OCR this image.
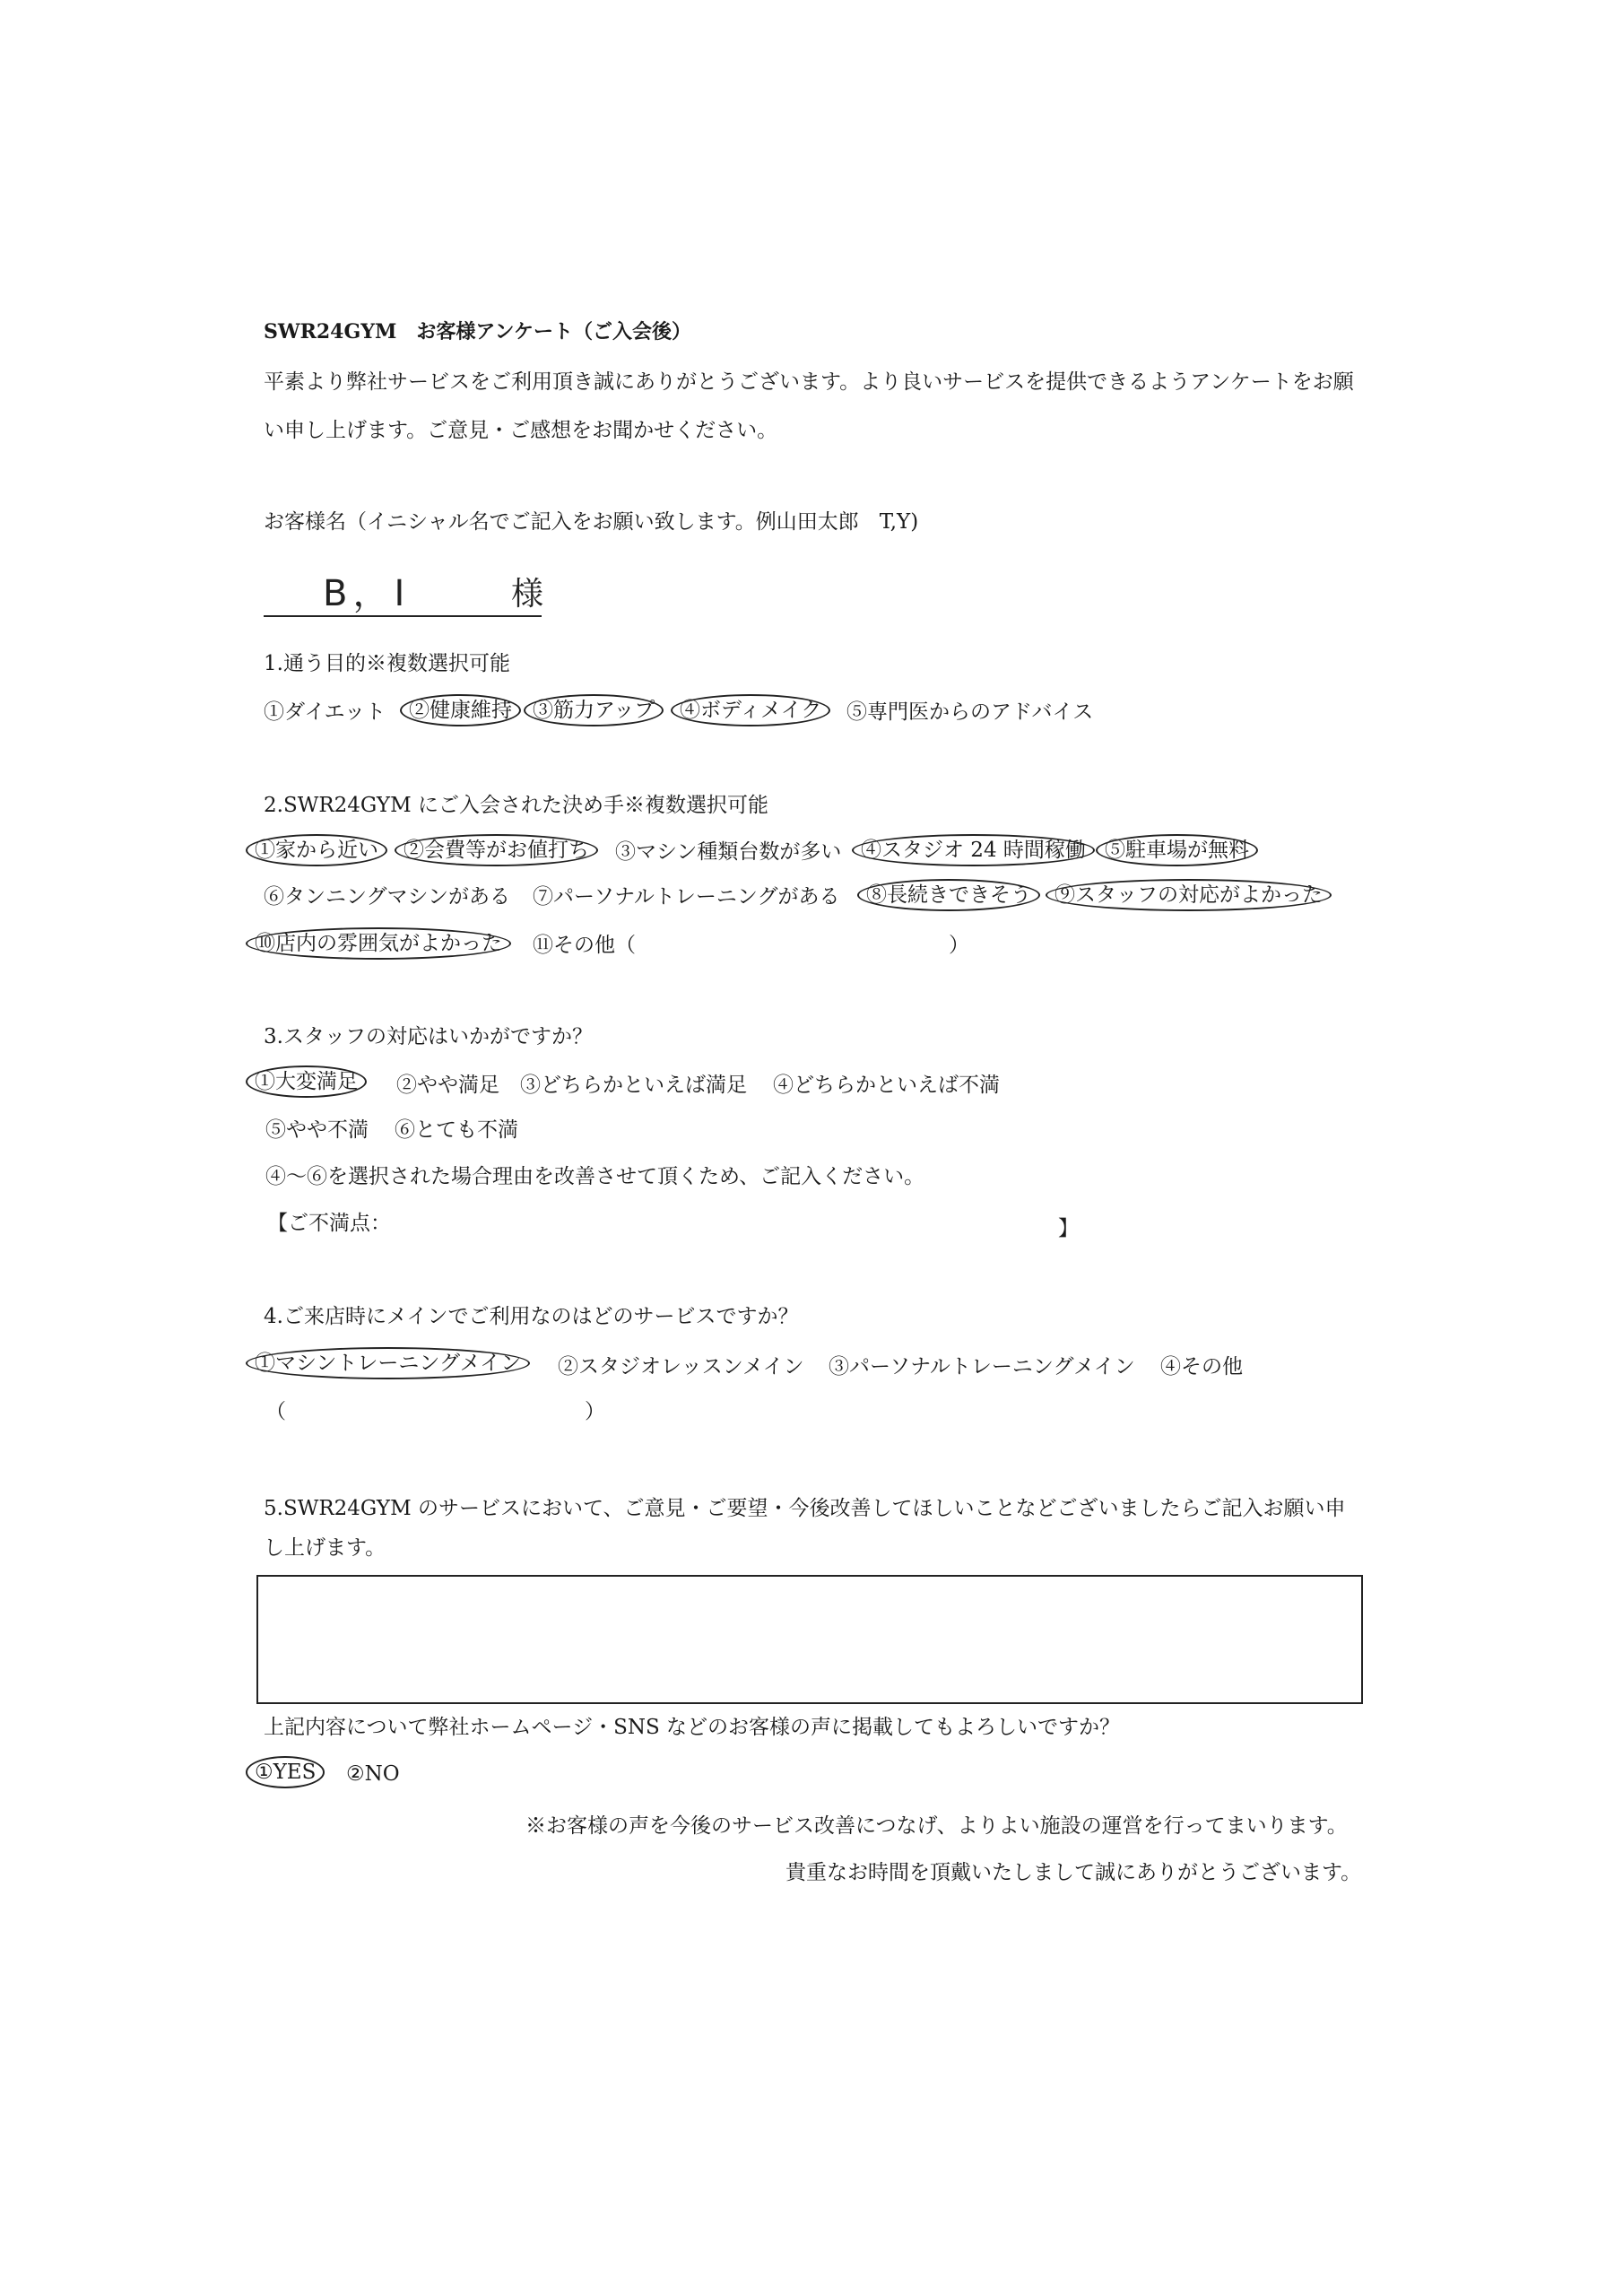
SWR24GYM　お客様アンケート（ご入会後）
平素より弊社サービスをご利用頂き誠にありがとうございます。より良いサービスを提供できるようアンケートをお願
い申し上げます。ご意見・ご感想をお聞かせください。
お客様名（イニシャル名でご記入をお願い致します。例山田太郎　T,Y)
B，I	様
1.通う目的※複数選択可能
①ダイエット	②健康維持	③筋力アップ	④ボディメイク	⑤専門医からのアドバイス
2.SWR24GYM にご入会された決め手※複数選択可能
①家から近い	②会費等がお値打ち	③マシン種類台数が多い ④スタジオ 24 時間稼働 ⑤駐車場が無料
⑥タンニングマシンがある ⑦パーソナルトレーニングがある	⑧長続きできそう	⑨スタッフの対応がよかった
⑩店内の雰囲気がよかった	⑪その他（	）
3.スタッフの対応はいかがですか？
①大変満足	②やや満足 ③どちらかといえば満足 ④どちらかといえば不満
⑤やや不満 ⑥とても不満
④～⑥を選択された場合理由を改善させて頂くため、ご記入ください。
【ご不満点：	】
4.ご来店時にメインでご利用なのはどのサービスですか？
①マシントレーニングメイン	②スタジオレッスンメイン ③パーソナルトレーニングメイン ④その他
（	）
5.SWR24GYM のサービスにおいて、ご意見・ご要望・今後改善してほしいことなどございましたらご記入お願い申
し上げます。
上記内容について弊社ホームページ・SNS などのお客様の声に掲載してもよろしいですか？
①YES	②NO
※お客様の声を今後のサービス改善につなげ、よりよい施設の運営を行ってまいります。
貴重なお時間を頂戴いたしまして誠にありがとうございます。
